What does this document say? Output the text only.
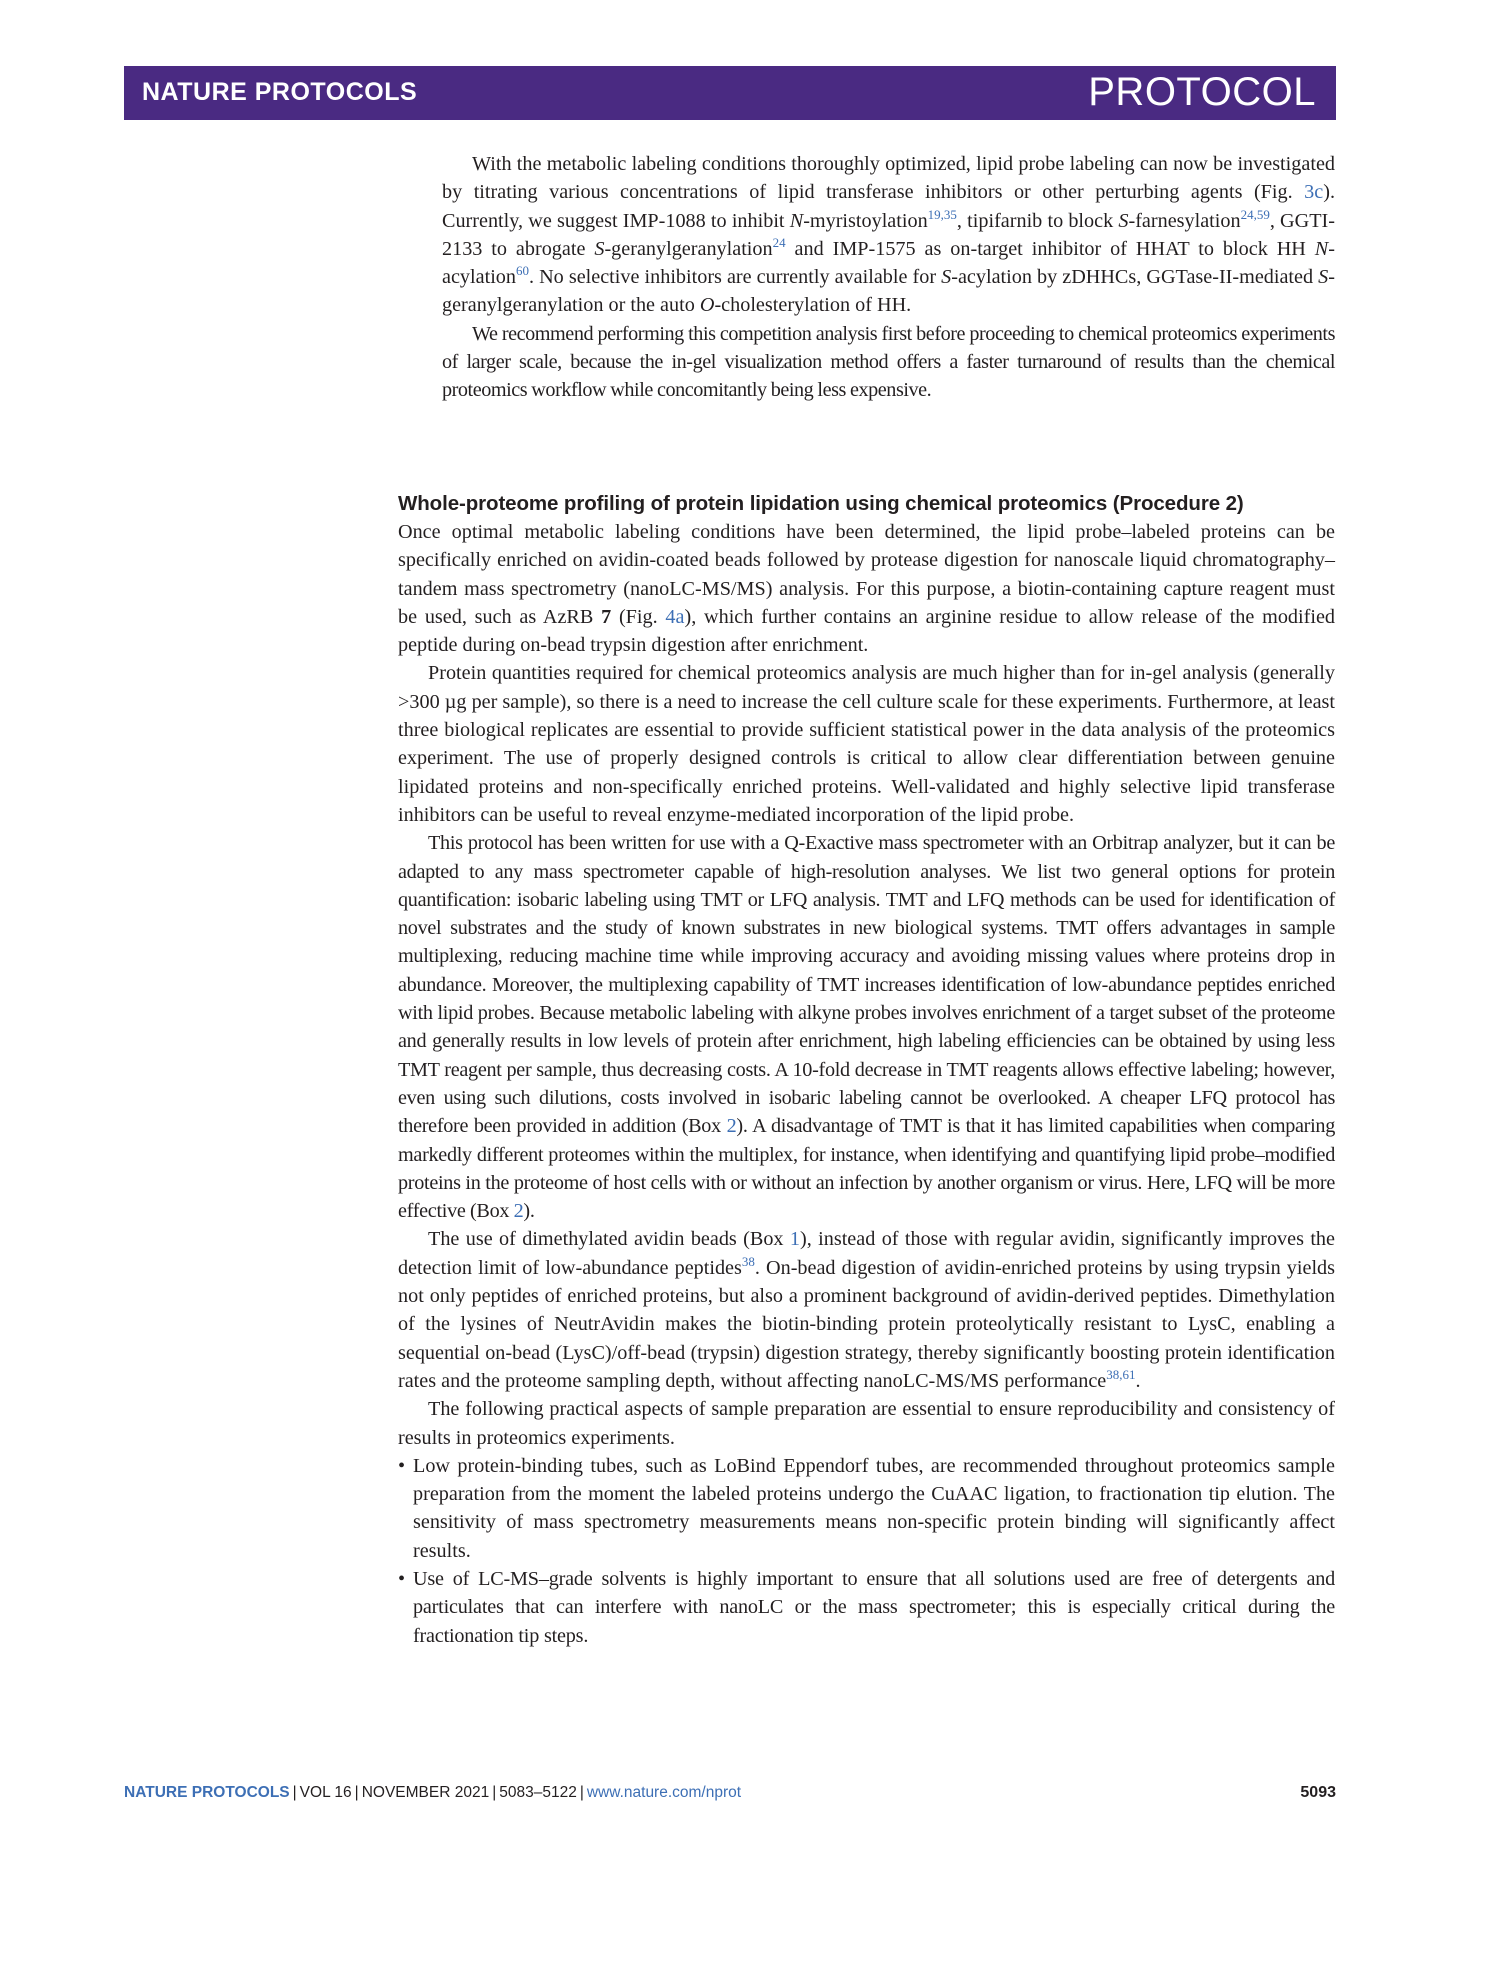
NATURE PROTOCOLS	PROTOCOL

With the metabolic labeling conditions thoroughly optimized, lipid probe labeling can now be investigated by titrating various concentrations of lipid transferase inhibitors or other perturbing agents (Fig. 3c). Currently, we suggest IMP-1088 to inhibit N-myristoylation$^{19,35}$, tipifarnib to block S-farnesylation$^{24,59}$, GGTI-2133 to abrogate S-geranylgeranylation$^{24}$ and IMP-1575 as on-target inhibitor of HHAT to block HH N-acylation$^{60}$. No selective inhibitors are currently available for S-acylation by zDHHCs, GGTase-II-mediated S-geranylgeranylation or the auto O-cholesterylation of HH.

We recommend performing this competition analysis first before proceeding to chemical proteomics experiments of larger scale, because the in-gel visualization method offers a faster turnaround of results than the chemical proteomics workflow while concomitantly being less expensive.

Whole-proteome profiling of protein lipidation using chemical proteomics (Procedure 2)

Once optimal metabolic labeling conditions have been determined, the lipid probe–labeled proteins can be specifically enriched on avidin-coated beads followed by protease digestion for nanoscale liquid chromatography–tandem mass spectrometry (nanoLC-MS/MS) analysis. For this purpose, a biotin-containing capture reagent must be used, such as AzRB 7 (Fig. 4a), which further contains an arginine residue to allow release of the modified peptide during on-bead trypsin digestion after enrichment.

Protein quantities required for chemical proteomics analysis are much higher than for in-gel analysis (generally >300 µg per sample), so there is a need to increase the cell culture scale for these experiments. Furthermore, at least three biological replicates are essential to provide sufficient statistical power in the data analysis of the proteomics experiment. The use of properly designed controls is critical to allow clear differentiation between genuine lipidated proteins and non-specifically enriched proteins. Well-validated and highly selective lipid transferase inhibitors can be useful to reveal enzyme-mediated incorporation of the lipid probe.

This protocol has been written for use with a Q-Exactive mass spectrometer with an Orbitrap analyzer, but it can be adapted to any mass spectrometer capable of high-resolution analyses. We list two general options for protein quantification: isobaric labeling using TMT or LFQ analysis. TMT and LFQ methods can be used for identification of novel substrates and the study of known substrates in new biological systems. TMT offers advantages in sample multiplexing, reducing machine time while improving accuracy and avoiding missing values where proteins drop in abundance. Moreover, the multiplexing capability of TMT increases identification of low-abundance peptides enriched with lipid probes. Because metabolic labeling with alkyne probes involves enrichment of a target subset of the proteome and generally results in low levels of protein after enrichment, high labeling efficiencies can be obtained by using less TMT reagent per sample, thus decreasing costs. A 10-fold decrease in TMT reagents allows effective labeling; however, even using such dilutions, costs involved in isobaric labeling cannot be overlooked. A cheaper LFQ protocol has therefore been provided in addition (Box 2). A disadvantage of TMT is that it has limited capabilities when comparing markedly different proteomes within the multiplex, for instance, when identifying and quantifying lipid probe–modified proteins in the proteome of host cells with or without an infection by another organism or virus. Here, LFQ will be more effective (Box 2).

The use of dimethylated avidin beads (Box 1), instead of those with regular avidin, significantly improves the detection limit of low-abundance peptides$^{38}$. On-bead digestion of avidin-enriched proteins by using trypsin yields not only peptides of enriched proteins, but also a prominent background of avidin-derived peptides. Dimethylation of the lysines of NeutrAvidin makes the biotin-binding protein proteolytically resistant to LysC, enabling a sequential on-bead (LysC)/off-bead (trypsin) digestion strategy, thereby significantly boosting protein identification rates and the proteome sampling depth, without affecting nanoLC-MS/MS performance$^{38,61}$.

The following practical aspects of sample preparation are essential to ensure reproducibility and consistency of results in proteomics experiments.

• Low protein-binding tubes, such as LoBind Eppendorf tubes, are recommended throughout proteomics sample preparation from the moment the labeled proteins undergo the CuAAC ligation, to fractionation tip elution. The sensitivity of mass spectrometry measurements means non-specific protein binding will significantly affect results.
• Use of LC-MS–grade solvents is highly important to ensure that all solutions used are free of detergents and particulates that can interfere with nanoLC or the mass spectrometer; this is especially critical during the fractionation tip steps.
NATURE PROTOCOLS | VOL 16 | NOVEMBER 2021 | 5083–5122 | www.nature.com/nprot	5093
